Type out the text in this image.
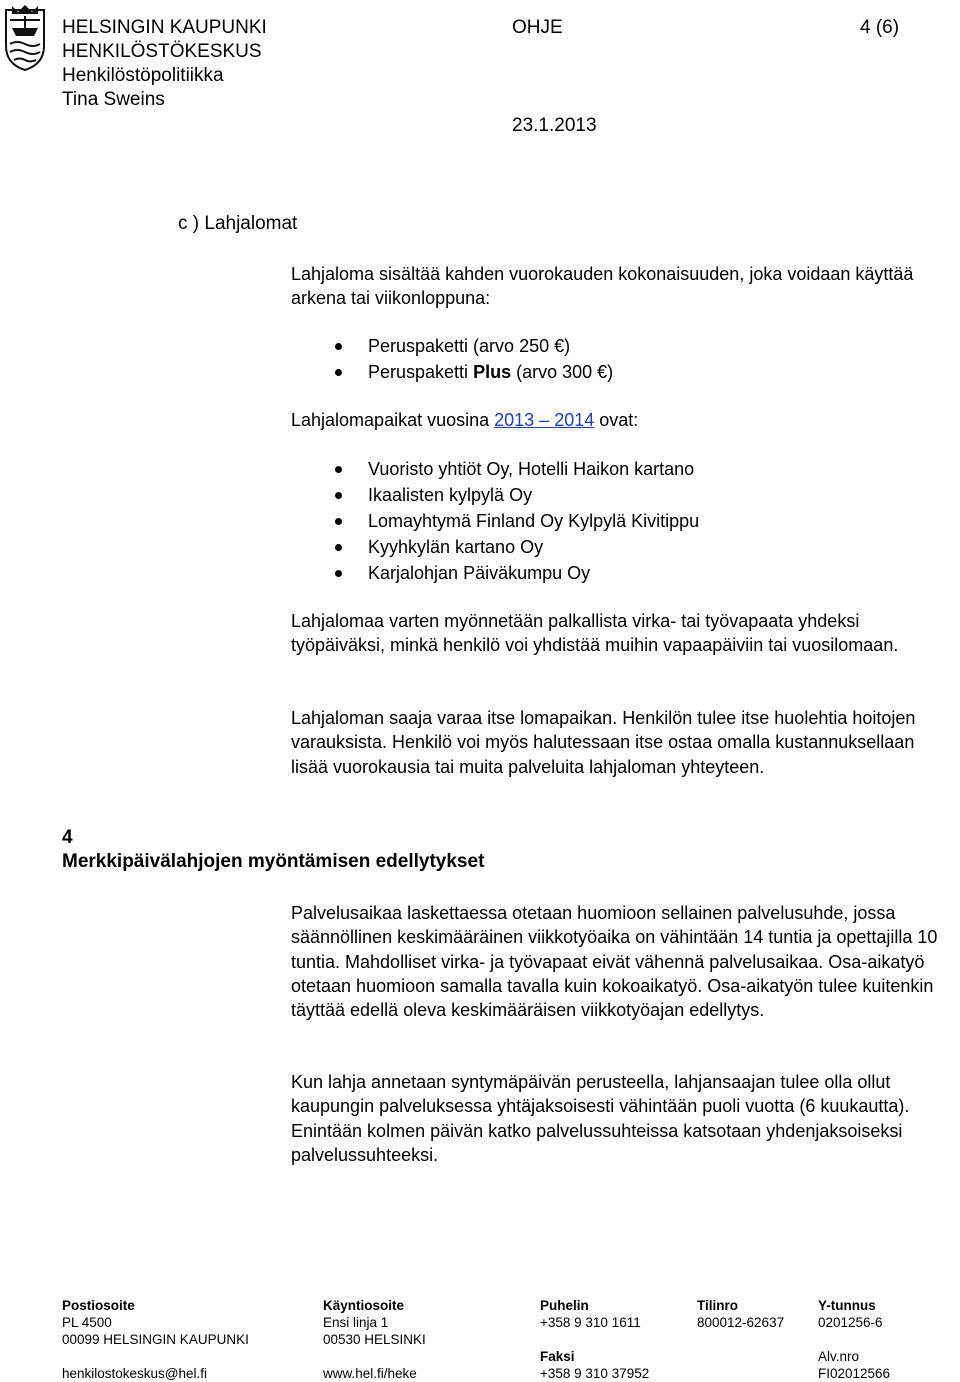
HELSINGIN KAUPUNKI
HENKILÖSTÖKESKUS
Henkilöstöpolitiikka
Tina Sweins
OHJE	4 (6)
23.1.2013
c ) Lahjalomat
Lahjaloma sisältää kahden vuorokauden kokonaisuuden, joka voidaan käyttää arkena tai viikonloppuna:
Peruspaketti (arvo 250 €)
Peruspaketti Plus (arvo 300 €)
Lahjalomapaikat vuosina 2013 – 2014 ovat:
Vuoristo yhtiöt Oy, Hotelli Haikon kartano
Ikaalisten kylpylä Oy
Lomayhtymä Finland Oy Kylpylä Kivitippu
Kyyhkylän kartano Oy
Karjalohjan Päiväkumpu Oy
Lahjalomaa varten myönnetään palkallista virka- tai työvapaata yhdeksi työpäiväksi, minkä henkilö voi yhdistää muihin vapaapäiviin tai vuosilomaan.
Lahjaloman saaja varaa itse lomapaikan. Henkilön tulee itse huolehtia hoitojen varauksista. Henkilö voi myös halutessaan itse ostaa omalla kustannuksellaan lisää vuorokausia tai muita palveluita lahjaloman yhteyteen.
4
Merkkipäivälahjojen myöntämisen edellytykset
Palvelusaikaa laskettaessa otetaan huomioon sellainen palvelusuhde, jossa säännöllinen keskimääräinen viikkotyöaika on vähintään 14 tuntia ja opettajilla 10 tuntia. Mahdolliset virka- ja työvapaat eivät vähennä palvelusaikaa. Osa-aikatyö otetaan huomioon samalla tavalla kuin kokoaikatyö. Osa-aikatyön tulee kuitenkin täyttää edellä oleva keskimääräisen viikkotyöajan edellytys.
Kun lahja annetaan syntymäpäivän perusteella, lahjansaajan tulee olla ollut kaupungin palveluksessa yhtäjaksoisesti vähintään puoli vuotta (6 kuukautta). Enintään kolmen päivän katko palvelussuhteissa katsotaan yhdenjaksoiseksi palvelussuhteeksi.
Postiosoite
PL 4500
00099 HELSINGIN KAUPUNKI

henkilostokeskus@hel.fi
Käyntiosoite
Ensi linja 1
00530 HELSINKI

www.hel.fi/heke
Puhelin
+358 9 310 1611

Faksi
+358 9 310 37952
Tilinro
800012-62637
Y-tunnus
0201256-6

Alv.nro
FI02012566
